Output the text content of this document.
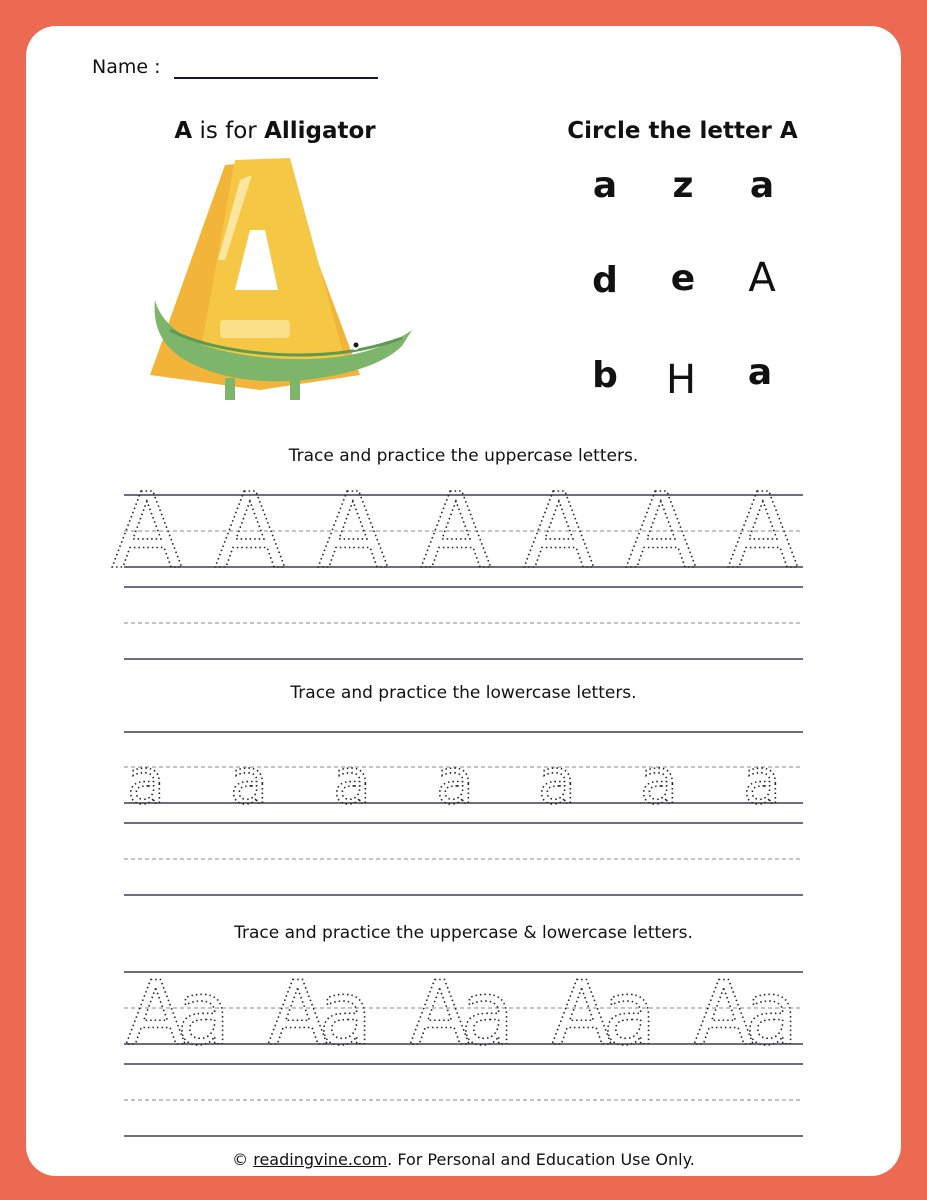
Name :
A is for Alligator	Circle the letter A
a	z	a
d	e	A
b	H	a
Trace and practice the uppercase letters.
Trace and practice the lowercase letters.
Trace and practice the uppercase & lowercase letters.
A A A A A A A
a a a a a a a
Aa Aa Aa Aa Aa
© readingvine.com. For Personal and Education Use Only.
